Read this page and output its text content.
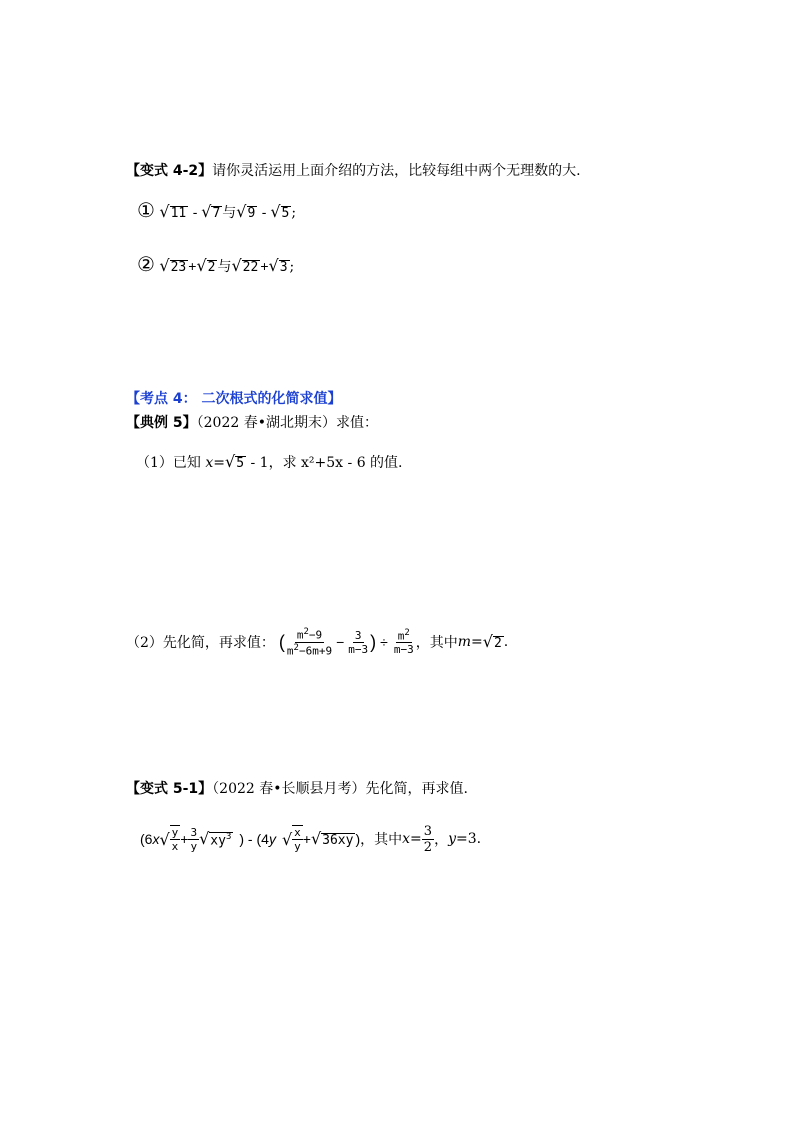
【变式 4-2】请你灵活运用上面介绍的方法，比较每组中两个无理数的大.
① √ 11 - √ 7 与 √ 9 - √ 5 ;
② √ 23 + √ 2 与 √ 22 + √ 3 ;
【考点 4： 二次根式的化简求值】
【典例 5】（2022 春•湖北期末）求值：
（1）已知 x= √ 5 - 1，求 x²+5x - 6 的值.
（2）先化简，再求值： ( $\frac{m^2-9}{m^2-6m+9} - \frac{3}{m-3}$ ) ÷ $\frac{m^2}{m-3}$ ，其中 m = √ 2 .
【变式 5-1】（2022 春•长顺县月考）先化简，再求值.
(6x √ $\frac{y}{x} + \frac{3}{y}$ √ $xy^3$ ) - (4y √ $\frac{x}{y}$ + √ 36xy ) ，其中 $x = \frac{3}{2}$ ， y =3.
